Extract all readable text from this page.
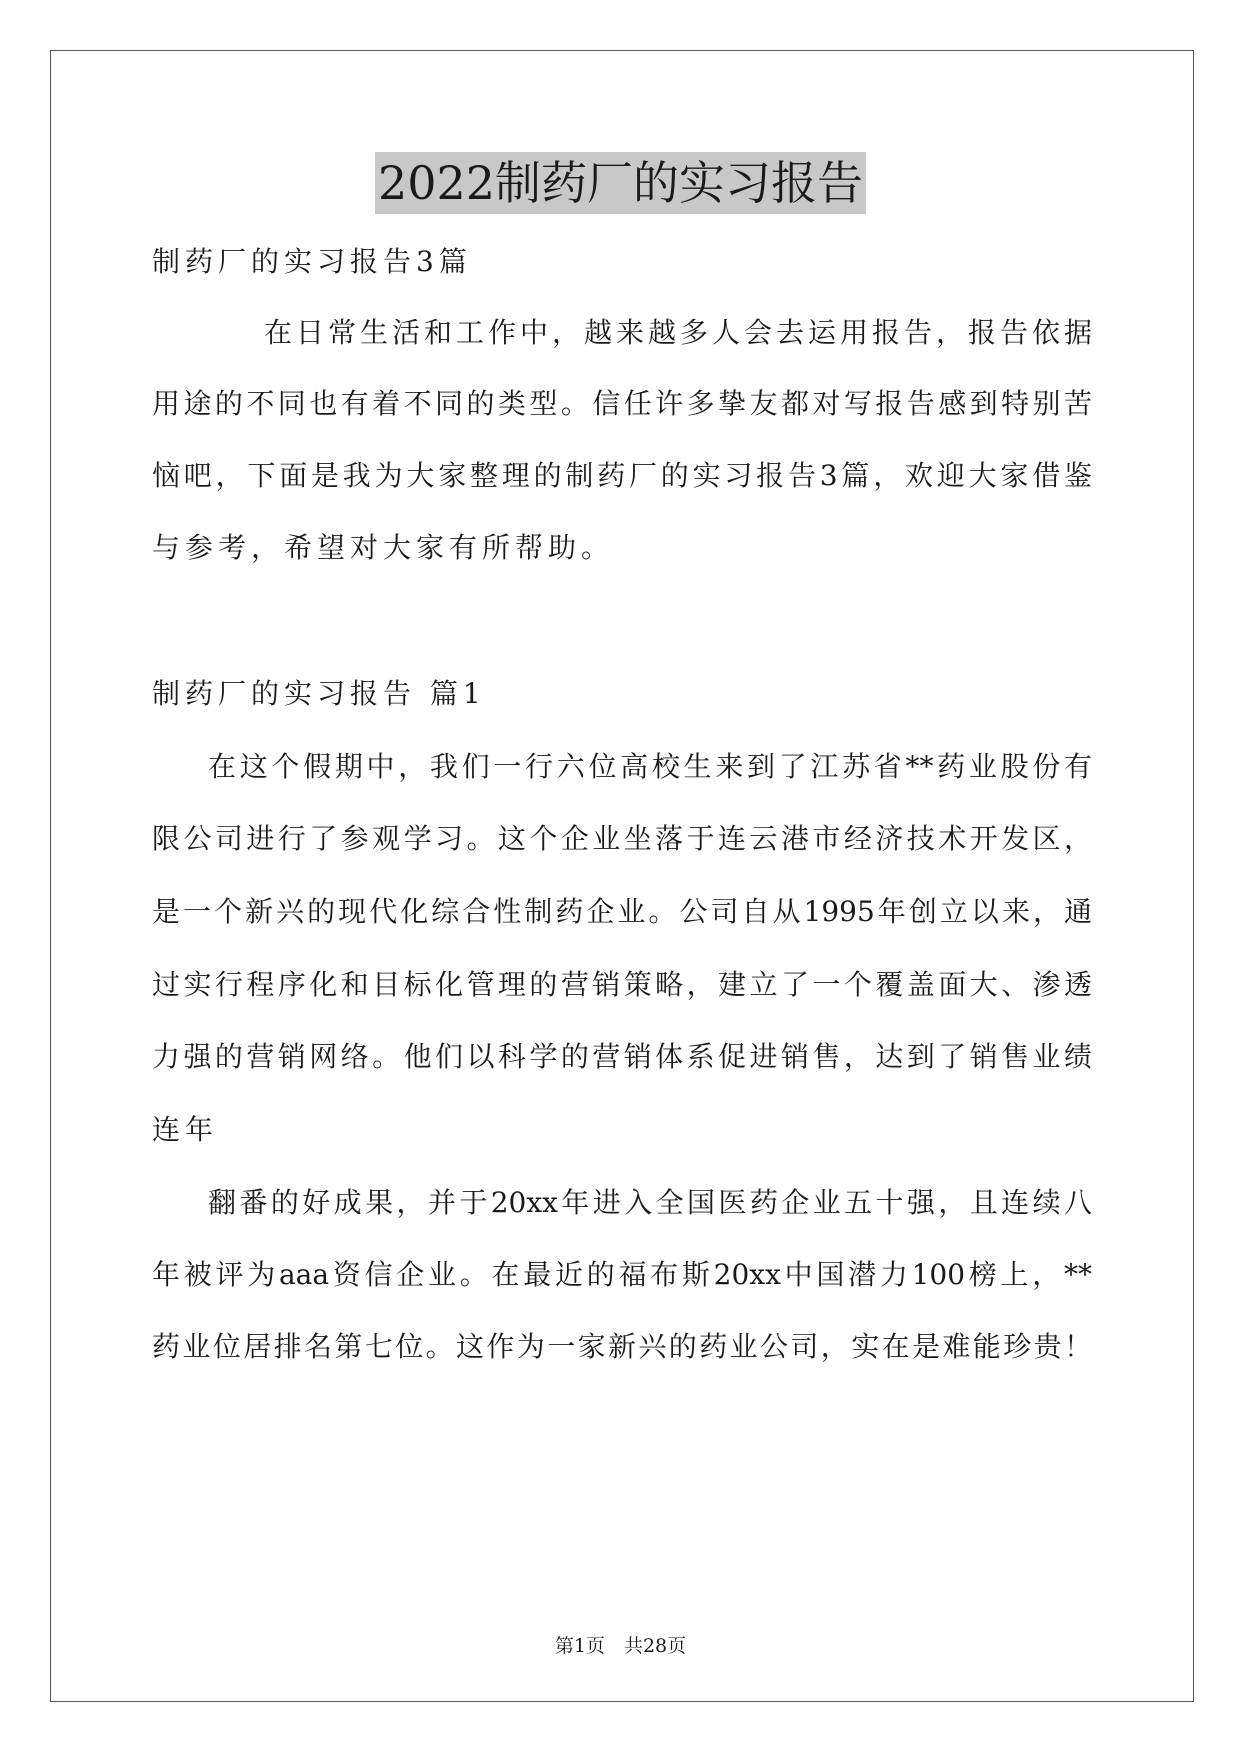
2022制药厂的实习报告
制药厂的实习报告3篇
在日常生活和工作中，越来越多人会去运用报告，报告依据
用途的不同也有着不同的类型。信任许多挚友都对写报告感到特别苦
恼吧，下面是我为大家整理的制药厂的实习报告3篇，欢迎大家借鉴
与参考，希望对大家有所帮助。
制药厂的实习报告 篇1
在这个假期中，我们一行六位高校生来到了江苏省**药业股份有
限公司进行了参观学习。这个企业坐落于连云港市经济技术开发区，
是一个新兴的现代化综合性制药企业。公司自从1995年创立以来，通
过实行程序化和目标化管理的营销策略，建立了一个覆盖面大、渗透
力强的营销网络。他们以科学的营销体系促进销售，达到了销售业绩
连年
翻番的好成果，并于20xx年进入全国医药企业五十强，且连续八
年被评为aaa资信企业。在最近的福布斯20xx中国潜力100榜上，**
药业位居排名第七位。这作为一家新兴的药业公司，实在是难能珍贵！
第1页　共28页
